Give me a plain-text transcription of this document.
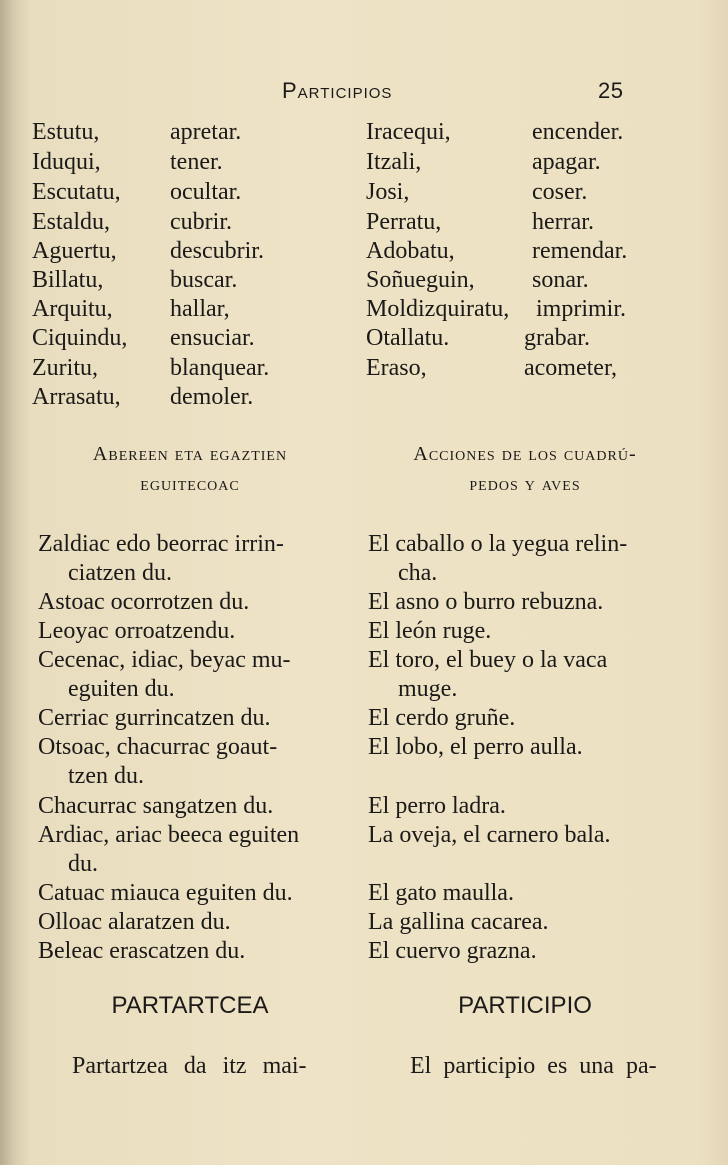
Participios	25
Estutu,	apretar.
Iduqui,	tener.
Escutatu, ocultar.
Estaldu,	cubrir.
Aguertu, descubrir.
Billatu,	buscar.
Arquitu, hallar,
Ciquindu, ensuciar.
Zuritu,	blanquear.
Arrasatu, demoler.
Iracequi,	encender.
Itzali,	apagar.
Josi,	coser.
Perratu,	herrar.
Adobatu,	remendar.
Soñueguin, sonar.
Moldizquiratu, imprimir.
Otallatu.	grabar.
Eraso,	acometer,
Abereen eta egaztien
eguitecoac
Acciones de los cuadrú-
pedos y aves
Zaldiac edo beorrac irrin-
ciatzen du.
Astoac ocorrotzen du.
Leoyac orroatzendu.
Cecenac, idiac, beyac mu-
eguiten du.
Cerriac gurrincatzen du.
Otsoac, chacurrac goaut-
tzen du.
Chacurrac sangatzen du.
Ardiac, ariac beeca eguiten
du.
Catuac miauca eguiten du.
Olloac alaratzen du.
Beleac erascatzen du.
El caballo o la yegua relin-
cha.
El asno o burro rebuzna.
El león ruge.
El toro, el buey o la vaca
muge.
El cerdo gruñe.
El lobo, el perro aulla.
El perro ladra.
La oveja, el carnero bala.
El gato maulla.
La gallina cacarea.
El cuervo grazna.
PARTARTCEA	PARTICIPIO
Partartzea da itz mai-	El participio es una pa-
